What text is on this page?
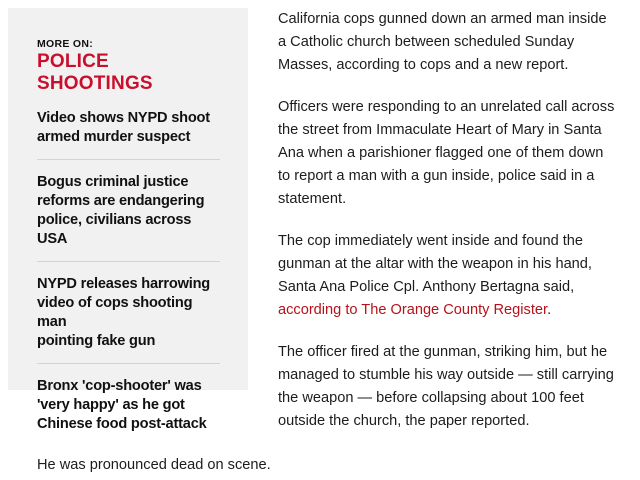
MORE ON:
POLICE SHOOTINGS
Video shows NYPD shoot
armed murder suspect
Bogus criminal justice
reforms are endangering
police, civilians across USA
NYPD releases harrowing
video of cops shooting man
pointing fake gun
Bronx 'cop-shooter' was
'very happy' as he got
Chinese food post-attack

California cops gunned down an armed man inside
a Catholic church between scheduled Sunday
Masses, according to cops and a new report.

Officers were responding to an unrelated call across
the street from Immaculate Heart of Mary in Santa
Ana when a parishioner flagged one of them down
to report a man with a gun inside, police said in a
statement.

The cop immediately went inside and found the
gunman at the altar with the weapon in his hand,
Santa Ana Police Cpl. Anthony Bertagna said,
according to The Orange County Register.

The officer fired at the gunman, striking him, but he
managed to stumble his way outside — still carrying
the weapon — before collapsing about 100 feet
outside the church, the paper reported.

He was pronounced dead on scene.
